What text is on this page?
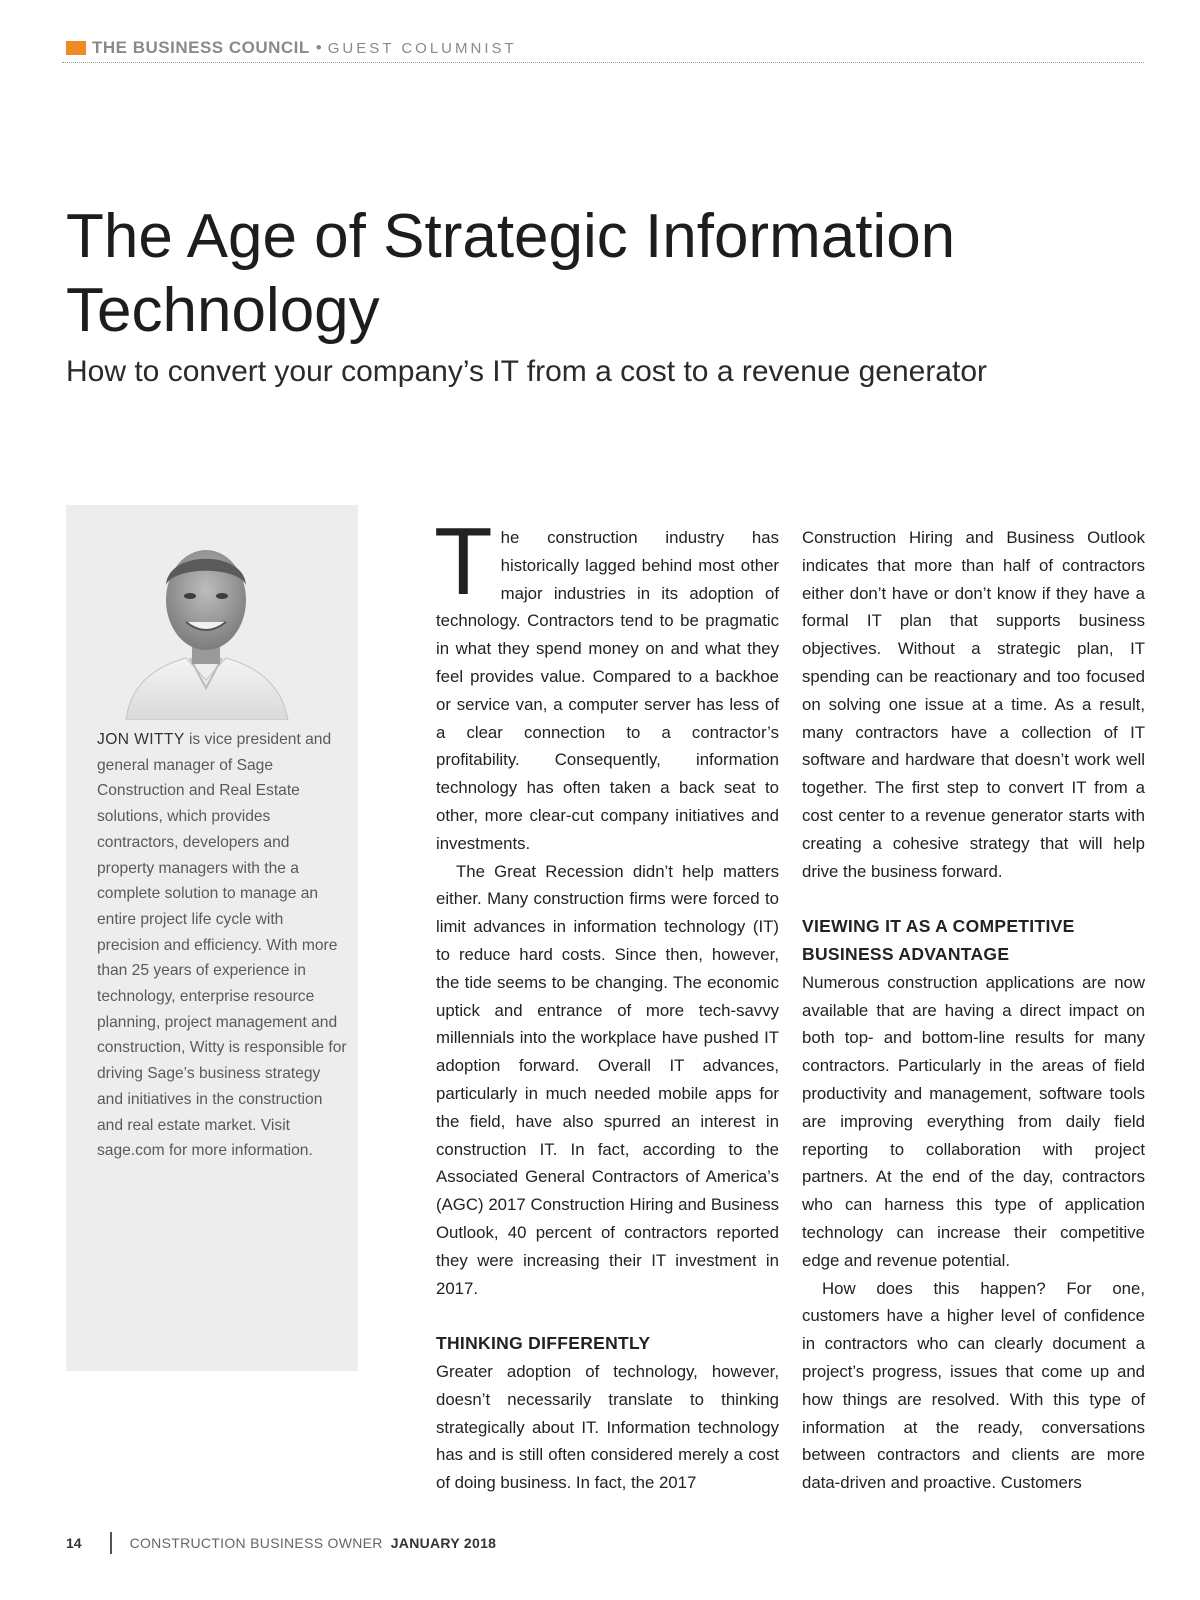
THE BUSINESS COUNCIL • GUEST COLUMNIST
The Age of Strategic Information Technology
How to convert your company’s IT from a cost to a revenue generator

JON WITTY is vice president and general manager of Sage Construction and Real Estate solutions, which provides contractors, developers and property managers with the a complete solution to manage an entire project life cycle with precision and efficiency. With more than 25 years of experience in technology, enterprise resource planning, project management and construction, Witty is responsible for driving Sage’s business strategy and initiatives in the construction and real estate market. Visit sage.com for more information.

The construction industry has historically lagged behind most other major industries in its adoption of technology. Contractors tend to be pragmatic in what they spend money on and what they feel provides value. Compared to a backhoe or service van, a computer server has less of a clear connection to a contractor’s profitability. Consequently, information technology has often taken a back seat to other, more clear-cut company initiatives and investments.

The Great Recession didn’t help matters either. Many construction firms were forced to limit advances in information technology (IT) to reduce hard costs. Since then, however, the tide seems to be changing. The economic uptick and entrance of more tech-savvy millennials into the workplace have pushed IT adoption forward. Overall IT advances, particularly in much needed mobile apps for the field, have also spurred an interest in construction IT. In fact, according to the Associated General Contractors of America’s (AGC) 2017 Construction Hiring and Business Outlook, 40 percent of contractors reported they were increasing their IT investment in 2017.

THINKING DIFFERENTLY

Greater adoption of technology, however, doesn’t necessarily translate to thinking strategically about IT. Information technology has and is still often considered merely a cost of doing business. In fact, the 2017

Construction Hiring and Business Outlook indicates that more than half of contractors either don’t have or don’t know if they have a formal IT plan that supports business objectives. Without a strategic plan, IT spending can be reactionary and too focused on solving one issue at a time. As a result, many contractors have a collection of IT software and hardware that doesn’t work well together. The first step to convert IT from a cost center to a revenue generator starts with creating a cohesive strategy that will help drive the business forward.

VIEWING IT AS A COMPETITIVE BUSINESS ADVANTAGE

Numerous construction applications are now available that are having a direct impact on both top- and bottom-line results for many contractors. Particularly in the areas of field productivity and management, software tools are improving everything from daily field reporting to collaboration with project partners. At the end of the day, contractors who can harness this type of application technology can increase their competitive edge and revenue potential.

How does this happen? For one, customers have a higher level of confidence in contractors who can clearly document a project’s progress, issues that come up and how things are resolved. With this type of information at the ready, conversations between contractors and clients are more data-driven and proactive. Customers

14	CONSTRUCTION BUSINESS OWNER JANUARY 2018
